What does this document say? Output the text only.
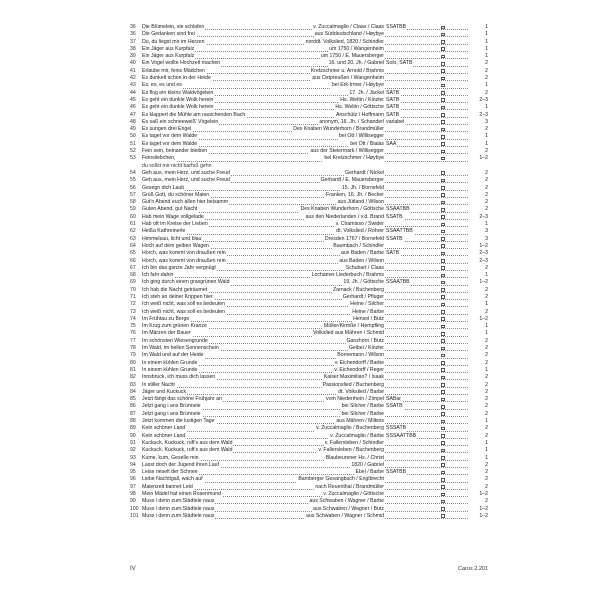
36	Die Blümelein, sie schlafen	v. Zuccalmaglio / Claas / Claas SSATBB	1
36	Die Gedanken sind frei	aus Süddeutschland / Høybye	1
37	Du, du liegst mir im Herzen	norddt. Volkslied, 1820 / Schindler	1
38	Ein Jäger aus Kurpfalz	um 1750 / Wangenheim	1
39	Ein Jäger aus Kurpfalz	um 1750 / E. Mauersberger	1
40	Ein Vogel wollte Hochzeit machen	16. und 20. Jh. / Gabriel Solo, SATB	2
41	Erlaube mir, feins Mädchen	Kretzschmer u. Arnold / Brahms	2
42	Es dunkelt schon in der Heide	aus Ostpreußen / Wangenheim	2
43	Es, es, es und es	bei Erk-Irmer / Høybye	1
44	Es flog ein kleins Waldvögelein	17. Jh. / Jäckel SATB	2
45	Es geht ein dunkle Wolk herein	Hs. Weltin / Kinzler SATB	2–3
46	Es geht ein dunkle Wolk herein	Hs. Weltin / Göttsche SATB	1
47	Es klappert die Mühle am rauschenden Bach	Anschütz / Hoffmann SATB	2–3
48	Es saß ein schneeweiß' Vögelein	anonym, 16. Jh. / Schanderl variabel	3
49	Es sungen drei Engel	Des Knaben Wunderhorn / Brandmüller	2
50	Es taget vor dem Walde	bei Ott / Willisegger	1
51	Es taget vor dem Walde	bei Ott / Bialas SAA	1
52	Fein sein, beinander bleiben	aus der Steiermark / Willisegger	2
53	Feinsliebchen,	bei Kretzschmer / Høybye	1–2
du sollst mir nicht barfuß gehn
54	Geh aus, mein Herz, und suche Freud	Gerhardt / Nickel	2
55	Geh aus, mein Herz, und suche Freud	Gerhardt / E. Mauersberger	2
56	Gesegn dich Laub	15. Jh. / Bornefeld	2
57	Grüß Gott, du schöner Maien	Franken, 16. Jh. / Becker	2
58	Gut'n Abend euch allen hier beisamm	aus Jütland / Wilson	2
59	Guten Abend, gut Nacht	Des Knaben Wunderhorn / Göttsche SSAATBB	2
60	Hab mein Wage vollgelade	aus den Niederlanden / v.d. Brand SSATB	2–3
61	Hab oft im Kreise der Lieben	v. Chamisso / Swider	1
62	Heißa Kathreinerle	dt. Volkslied / Rohrer SSAATTBB	3
63	Himmelsau, licht und blau	Dresden 1767 / Bornefeld SSATB	3
64	Hoch auf dem gelben Wagen	Baumbach / Schindler	1–2
65	Horch, was kommt von draußen rein	aus Baden / Barbe SATB	2–3
66	Horch, was kommt von draußen rein	aus Baden / Wilson	2–3
67	Ich bin das ganze Jahr vergnügt	Schubart / Claas	2
68	Ich fahr dahin	Lochamer Liederbuch / Brahms	1
69	Ich ging durch einen grasgrünen Wald	19. Jh. / Göttsche SSAATBB	1–2
70	Ich hab die Nacht geträumet	Zarnack / Buchenberg	2
71	Ich steh an deiner Krippen hier	Gerhardt / Pfluger	2
72	Ich weiß nicht, was soll es bedeuten	Heine / Silcher	1
73	Ich weiß nicht, was soll es bedeuten	Heine / Barbe	2
74	Im Frühtau zu Berge	Hensel / Butz	1–2
75	Im Krug zum grünen Kranze	Müller/Kirmße / Hempfling	1
76	Im Märzen der Bauer	Volkslied aus Mähren / Schmid	1
77	Im schönsten Wiesengrunde	Ganzhorn / Butz	2
78	Im Wald, im hellen Sonnenschein	Geibel / Kinzler	2
79	Im Wald und auf der Heide	Bornemann / Wilson	2
80	In einem kühlen Grunde	v. Eichendorff / Barbe	2
81	In einem kühlen Grunde	v. Eichendorff / Reger	1
82	Innsbruck, ich muss dich lassen	Kaiser Maximilian? / Isaak	2
83	In stiller Nacht	Passionslied / Buchenberg	2
84	Jäger und Kuckuck	dt. Volkslied / Barbe	2
85	Jetzt fängt das schöne Frühjahr an	vom Niederrhein / Zimpel SABar	2
86	Jetzt gang i ans Brünnele	bei Silcher / Barbe SSATB	2
87	Jetzt gang i ans Brünnele	bei Silcher / Barbe	2
88	Jetzt kommen die lustigen Tage	aus Mähren / Milkins	1
89	Kein schöner Land	v. Zuccalmaglio / Buchenberg SSSATB	2
90	Kein schöner Land	v. Zuccalmaglio / Barbe SSSAATTBB	2
91	Kuckuck, Kuckuck, ruft's aus dem Wald	v. Fallersleben / Schindler	1
92	Kuckuck, Kuckuck, ruft's aus dem Wald	v. Fallersleben / Buchenberg	1
93	Kume, kum, Geselle min	Blaubeurener Hs. / Christ	1
94	Lasst doch der Jugend ihren Lauf	1820 / Gabriel	2
95	Leise rieselt der Schnee	Ebel / Barbe SSATBB	2
96	Liebe Nachtigall, wach auf	Bamberger Gesangbuch / Englbrecht	2
97	Maienzeit bannet Leid	nach Reuenthal / Brandmüller	2
98	Mein Mädel hat einen Rosenmund	v. Zuccalmaglio / Göttsche	1–2
99	Muss i denn zum Städtele naus	aus Schwaben / Wagner / Barbe	2
100 Muss i denn zum Städtele naus	aus Schwaben / Wagner / Butz	1–2
101 Muss i denn zum Städtele naus	aus Schwaben / Wagner / Schmid	1–2
IV	Carus 2.201
